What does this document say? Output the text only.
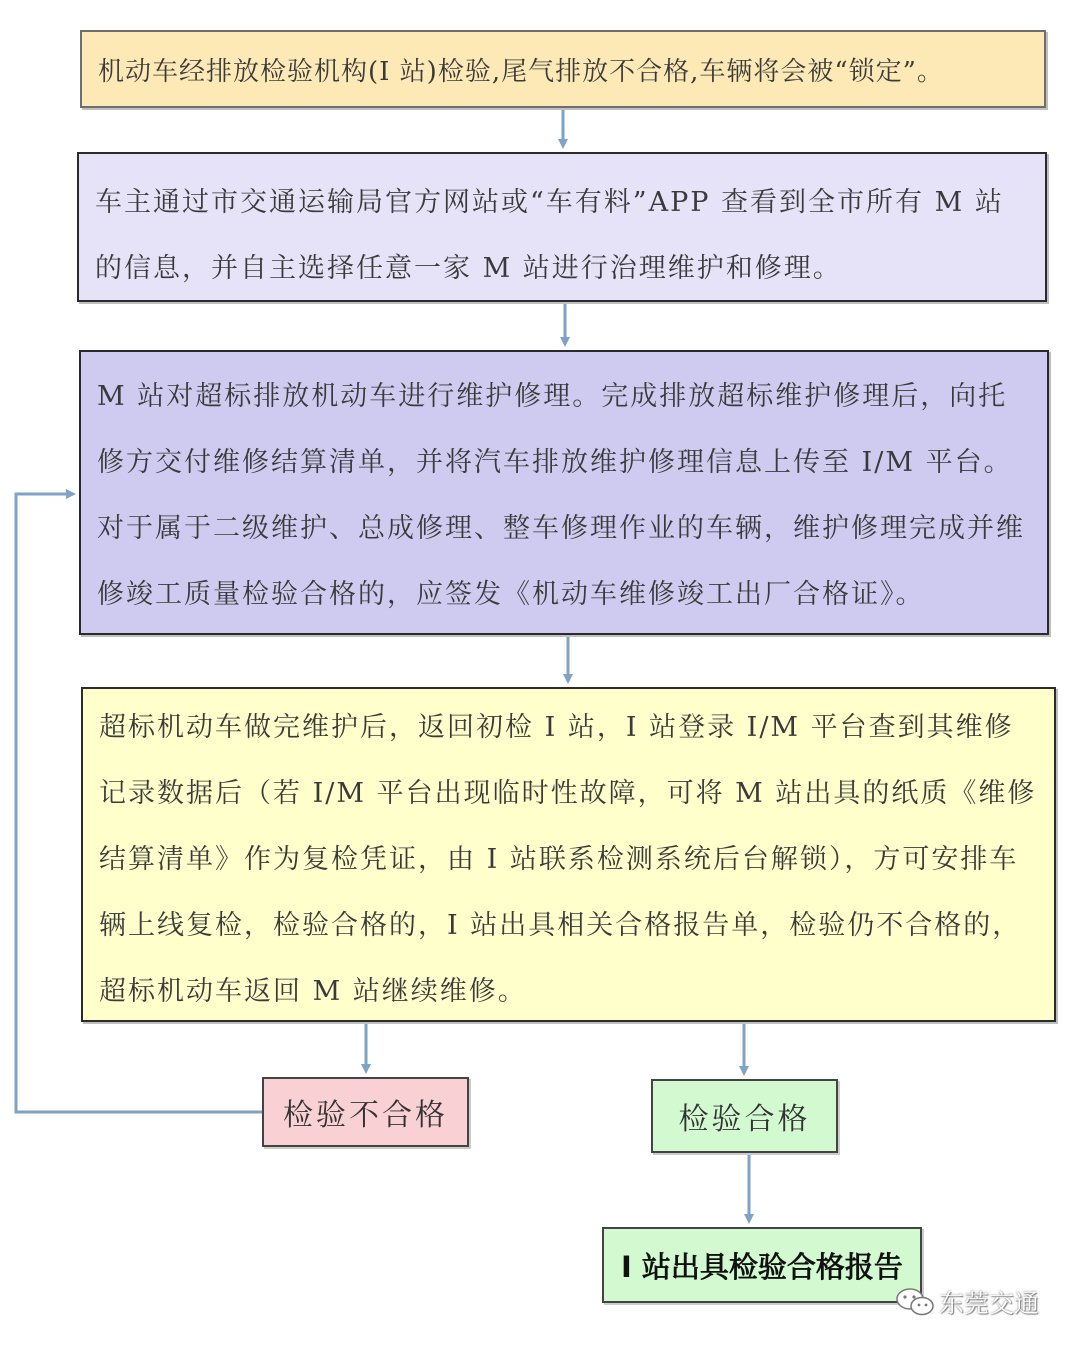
机动车经排放检验机构(I 站)检验,尾气排放不合格,车辆将会被“锁定”。

车主通过市交通运输局官方网站或“车有料”APP 查看到全市所有 M 站的信息，并自主选择任意一家 M 站进行治理维护和修理。

M 站对超标排放机动车进行维护修理。完成排放超标维护修理后，向托修方交付维修结算清单，并将汽车排放维护修理信息上传至 I/M 平台。对于属于二级维护、总成修理、整车修理作业的车辆，维护修理完成并维修竣工质量检验合格的，应签发《机动车维修竣工出厂合格证》。

超标机动车做完维护后，返回初检 I 站，I 站登录 I/M 平台查到其维修记录数据后（若 I/M 平台出现临时性故障，可将 M 站出具的纸质《维修结算清单》作为复检凭证，由 I 站联系检测系统后台解锁），方可安排车辆上线复检，检验合格的，I 站出具相关合格报告单，检验仍不合格的，超标机动车返回 M 站继续维修。

检验不合格	检验合格
I 站出具检验合格报告
东莞交通
